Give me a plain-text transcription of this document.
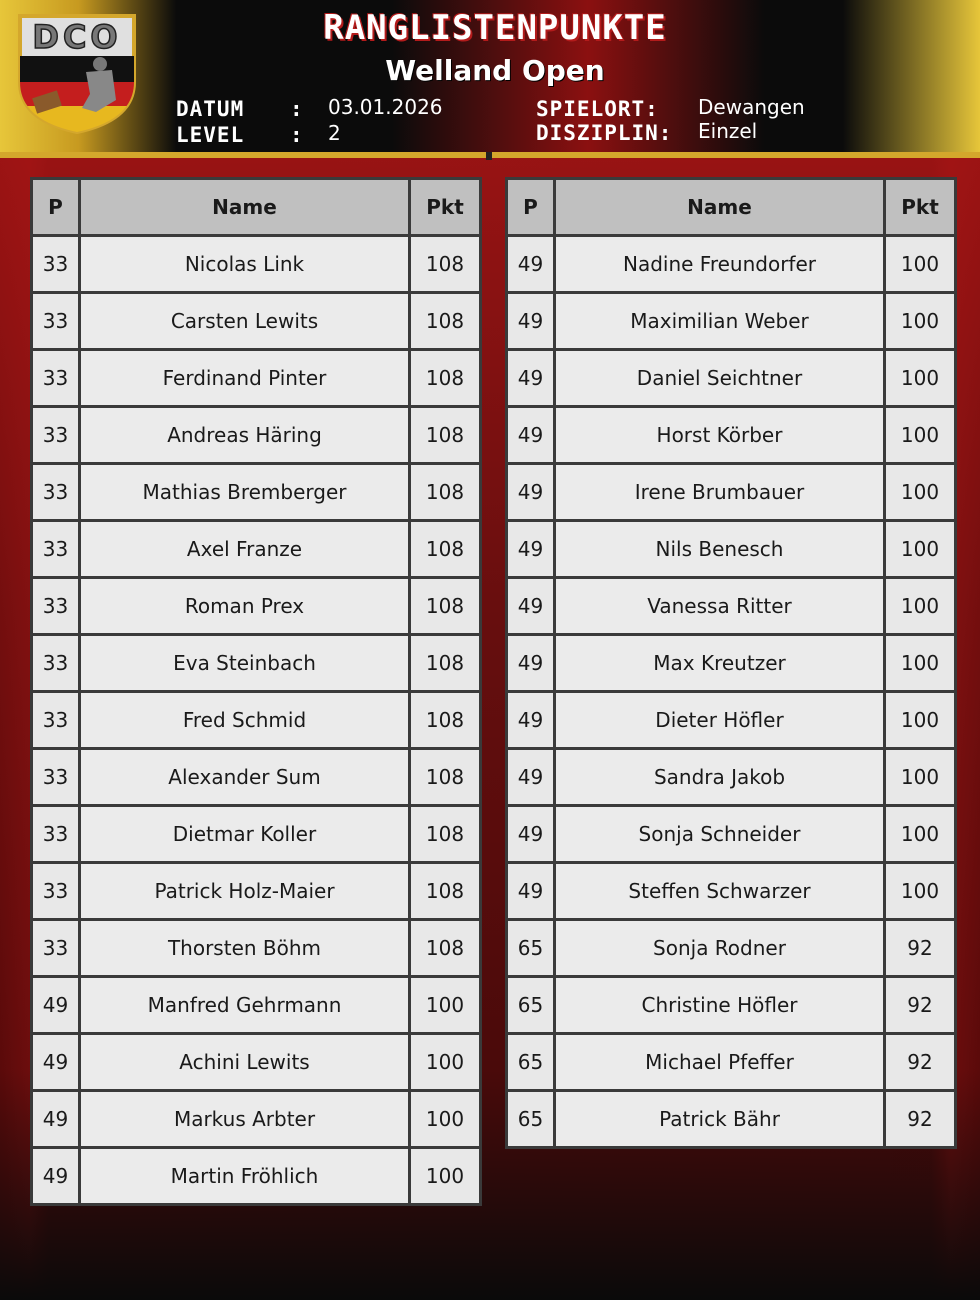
DCO	RANGLISTENPUNKTE
Welland Open
DATUM : 03.01.2026
LEVEL : 2
SPIELORT: Dewangen
DISZIPLIN: Einzel
P	Name	Pkt
33	Nicolas Link	108
33	Carsten Lewits	108
33	Ferdinand Pinter	108
33	Andreas Häring	108
33	Mathias Bremberger	108
33	Axel Franze	108
33	Roman Prex	108
33	Eva Steinbach	108
33	Fred Schmid	108
33	Alexander Sum	108
33	Dietmar Koller	108
33	Patrick Holz-Maier	108
33	Thorsten Böhm	108
49	Manfred Gehrmann	100
49	Achini Lewits	100
49	Markus Arbter	100
49	Martin Fröhlich	100
P	Name	Pkt
49	Nadine Freundorfer	100
49	Maximilian Weber	100
49	Daniel Seichtner	100
49	Horst Körber	100
49	Irene Brumbauer	100
49	Nils Benesch	100
49	Vanessa Ritter	100
49	Max Kreutzer	100
49	Dieter Höfler	100
49	Sandra Jakob	100
49	Sonja Schneider	100
49	Steffen Schwarzer	100
65	Sonja Rodner	92
65	Christine Höfler	92
65	Michael Pfeffer	92
65	Patrick Bähr	92
